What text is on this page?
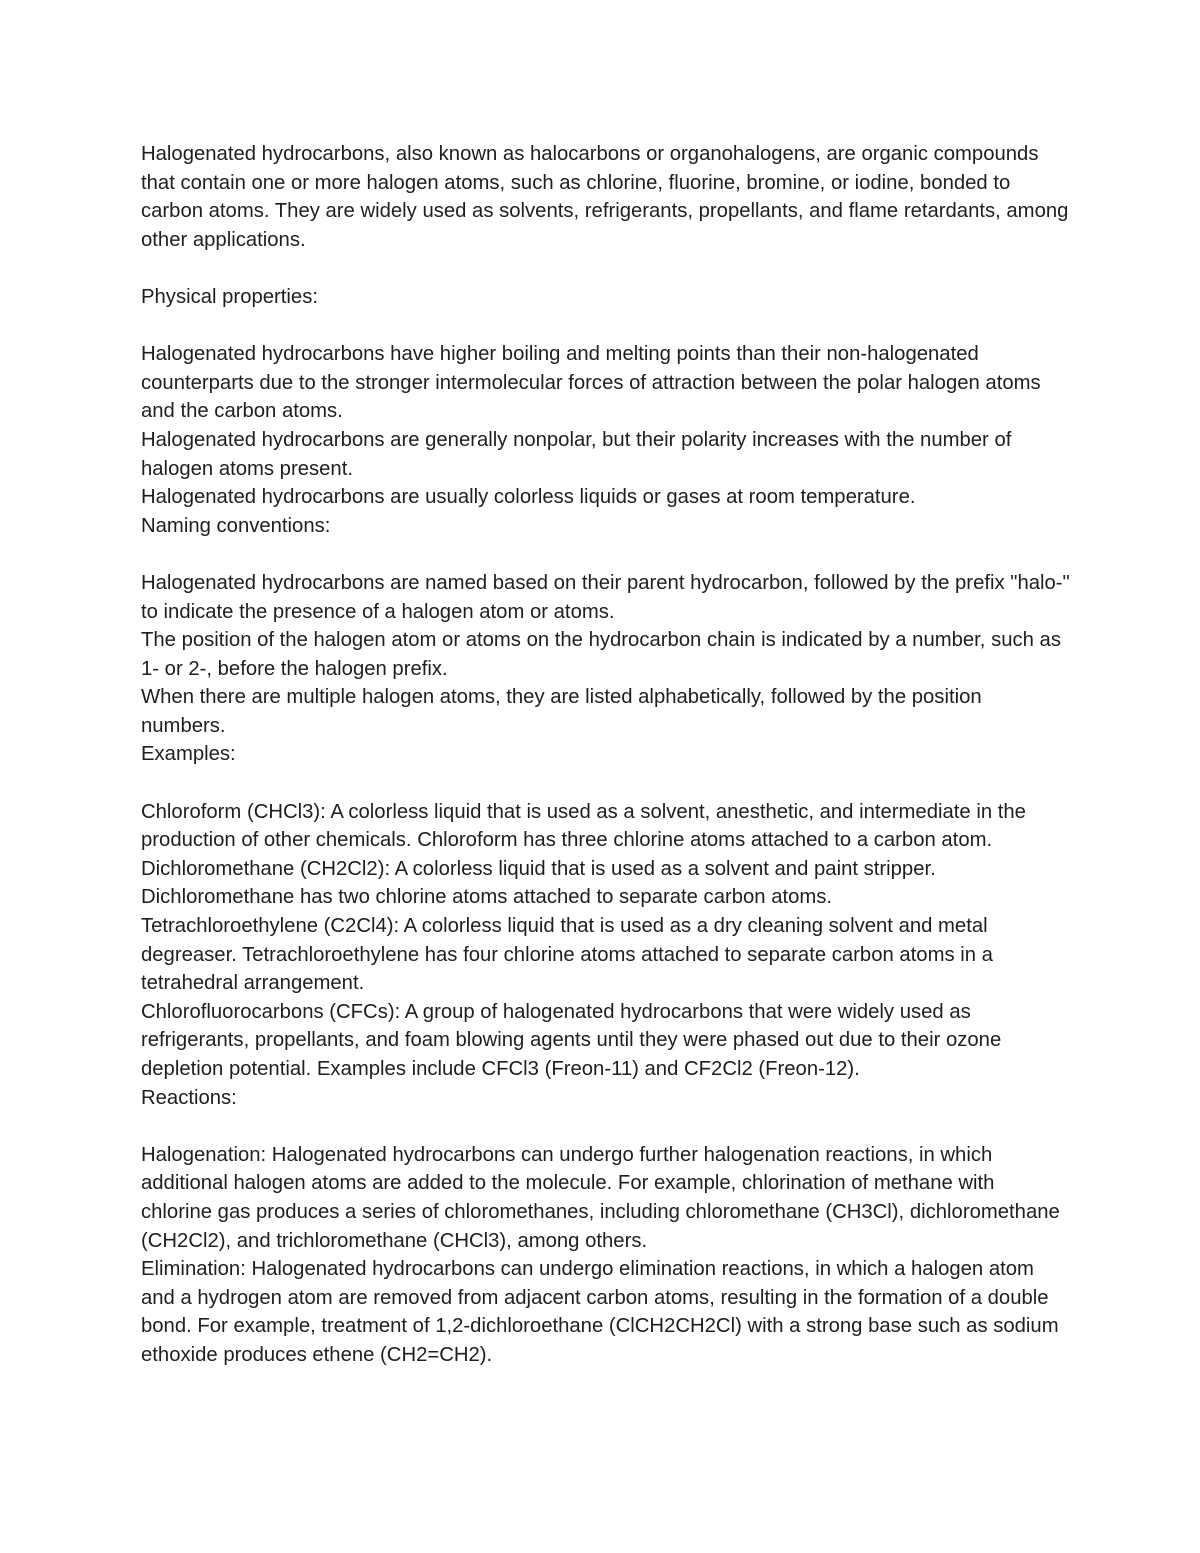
Halogenated hydrocarbons, also known as halocarbons or organohalogens, are organic compounds that contain one or more halogen atoms, such as chlorine, fluorine, bromine, or iodine, bonded to carbon atoms. They are widely used as solvents, refrigerants, propellants, and flame retardants, among other applications.

Physical properties:

Halogenated hydrocarbons have higher boiling and melting points than their non-halogenated counterparts due to the stronger intermolecular forces of attraction between the polar halogen atoms and the carbon atoms.

Halogenated hydrocarbons are generally nonpolar, but their polarity increases with the number of halogen atoms present.

Halogenated hydrocarbons are usually colorless liquids or gases at room temperature.

Naming conventions:

Halogenated hydrocarbons are named based on their parent hydrocarbon, followed by the prefix "halo-" to indicate the presence of a halogen atom or atoms.

The position of the halogen atom or atoms on the hydrocarbon chain is indicated by a number, such as 1- or 2-, before the halogen prefix.

When there are multiple halogen atoms, they are listed alphabetically, followed by the position numbers.

Examples:

Chloroform (CHCl3): A colorless liquid that is used as a solvent, anesthetic, and intermediate in the production of other chemicals. Chloroform has three chlorine atoms attached to a carbon atom.

Dichloromethane (CH2Cl2): A colorless liquid that is used as a solvent and paint stripper. Dichloromethane has two chlorine atoms attached to separate carbon atoms.

Tetrachloroethylene (C2Cl4): A colorless liquid that is used as a dry cleaning solvent and metal degreaser. Tetrachloroethylene has four chlorine atoms attached to separate carbon atoms in a tetrahedral arrangement.

Chlorofluorocarbons (CFCs): A group of halogenated hydrocarbons that were widely used as refrigerants, propellants, and foam blowing agents until they were phased out due to their ozone depletion potential. Examples include CFCl3 (Freon-11) and CF2Cl2 (Freon-12).

Reactions:

Halogenation: Halogenated hydrocarbons can undergo further halogenation reactions, in which additional halogen atoms are added to the molecule. For example, chlorination of methane with chlorine gas produces a series of chloromethanes, including chloromethane (CH3Cl), dichloromethane (CH2Cl2), and trichloromethane (CHCl3), among others.

Elimination: Halogenated hydrocarbons can undergo elimination reactions, in which a halogen atom and a hydrogen atom are removed from adjacent carbon atoms, resulting in the formation of a double bond. For example, treatment of 1,2-dichloroethane (ClCH2CH2Cl) with a strong base such as sodium ethoxide produces ethene (CH2=CH2).
